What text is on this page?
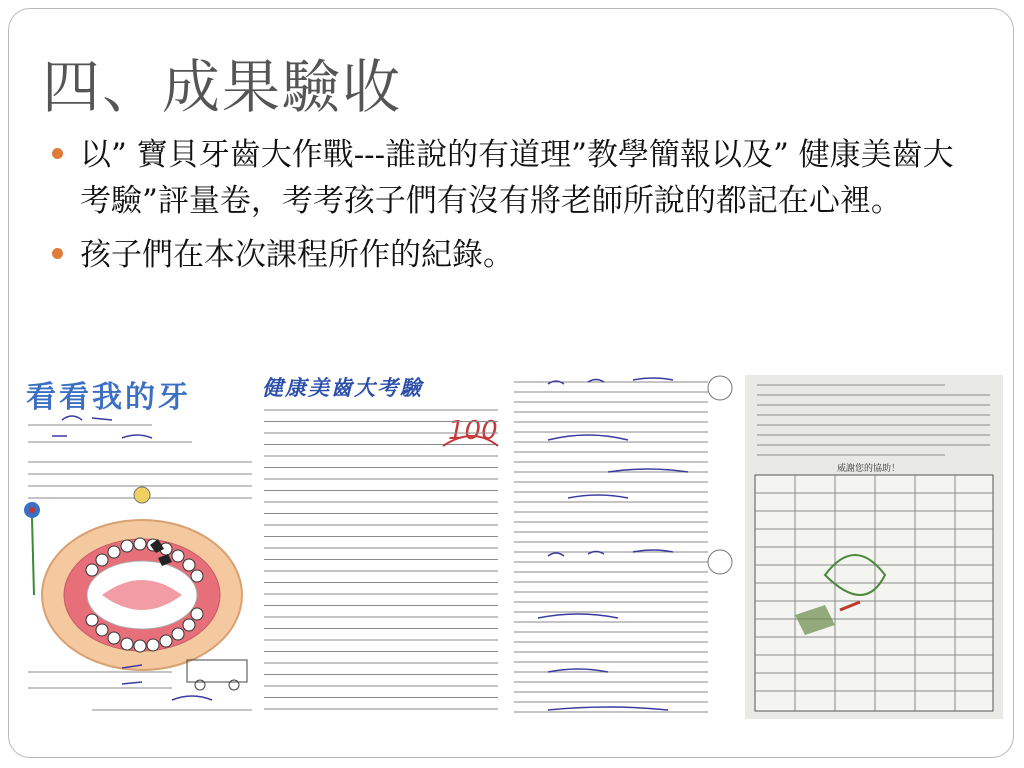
四、成果驗收
以” 寶貝牙齒大作戰---誰說的有道理”教學簡報以及” 健康美齒大考驗”評量卷，考考孩子們有沒有將老師所說的都記在心裡。
孩子們在本次課程所作的紀錄。
看看我的牙	健康美齒大考驗
100
威謝您的協助！
